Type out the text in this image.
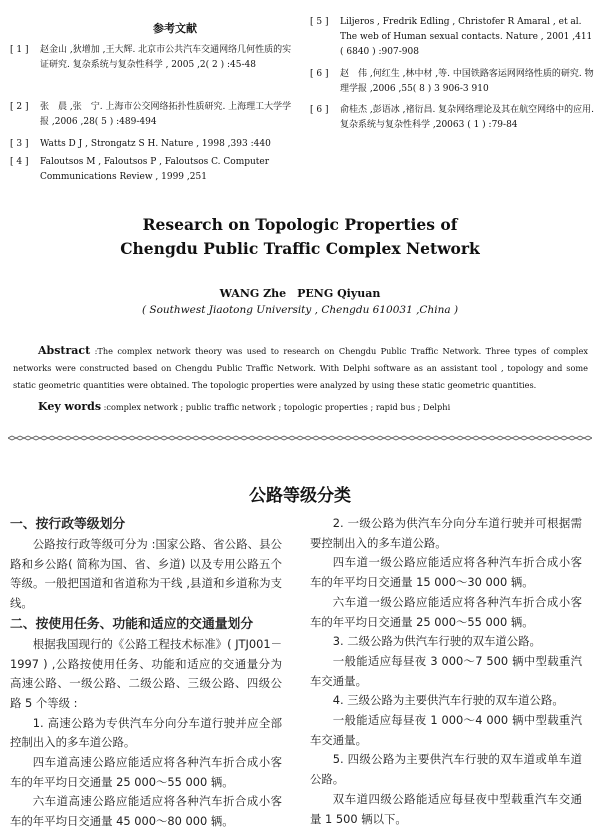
参考文献
[ 1 ] 赵金山 ,狄增加 ,王大辉. 北京市公共汽车交通网络几何性质的实证研究. 复杂系统与复杂性科学 , 2005 ,2( 2 ) :45-48
[ 2 ] 张　晨 ,张　宁. 上海市公交网络拓扑性质研究. 上海理工大学学报 ,2006 ,28( 5 ) :489-494
[ 3 ] Watts D J , Strongatz S H. Nature , 1998 ,393 :440
[ 4 ] Faloutsos M , Faloutsos P , Faloutsos C. Computer Communications Review , 1999 ,251
[ 5 ] Liljeros , Fredrik Edling , Christofer R Amaral , et al. The web of Human sexual contacts. Nature , 2001 ,411 ( 6840 ) :907-908
[ 6 ] 赵　伟 ,何红生 ,林中材 ,等. 中国铁路客运网网络性质的研究. 物理学报 ,2006 ,55( 8 ) 3 906-3 910
[ 6 ] 俞桂杰 ,彭语冰 ,褚衍昌. 复杂网络理论及其在航空网络中的应用. 复杂系统与复杂性科学 ,20063 ( 1 ) :79-84
Research on Topologic Properties of
Chengdu Public Traffic Complex Network
WANG Zhe　PENG Qiyuan
( Southwest Jiaotong University , Chengdu 610031 ,China )
Abstract :The complex network theory was used to research on Chengdu Public Traffic Network. Three types of complex networks were constructed based on Chengdu Public Traffic Network. With Delphi software as an assistant tool , topology and some static geometric quantities were obtained. The topologic properties were analyzed by using these static geometric quantities.
Key words :complex network ; public traffic network ; topologic properties ; rapid bus ; Delphi
公路等级分类
一、按行政等级划分

公路按行政等级可分为 :国家公路、省公路、县公路和乡公路( 简称为国、省、乡道) 以及专用公路五个等级。一般把国道和省道称为干线 ,县道和乡道称为支线。

二、按使用任务、功能和适应的交通量划分

根据我国现行的《公路工程技术标准》( JTJ001－1997 ) ,公路按使用任务、功能和适应的交通量分为高速公路、一级公路、二级公路、三级公路、四级公路 5 个等级 :

1. 高速公路为专供汽车分向分车道行驶并应全部控制出入的多车道公路。

四车道高速公路应能适应将各种汽车折合成小客车的年平均日交通量 25 000～55 000 辆。

六车道高速公路应能适应将各种汽车折合成小客车的年平均日交通量 45 000～80 000 辆。

2. 一级公路为供汽车分向分车道行驶并可根据需要控制出入的多车道公路。

四车道一级公路应能适应将各种汽车折合成小客车的年平均日交通量 15 000～30 000 辆。

六车道一级公路应能适应将各种汽车折合成小客车的年平均日交通量 25 000～55 000 辆。

3. 二级公路为供汽车行驶的双车道公路。

一般能适应每昼夜 3 000～7 500 辆中型载重汽车交通量。

4. 三级公路为主要供汽车行驶的双车道公路。

一般能适应每昼夜 1 000～4 000 辆中型载重汽车交通量。

5. 四级公路为主要供汽车行驶的双车道或单车道公路。

双车道四级公路能适应每昼夜中型载重汽车交通量 1 500 辆以下。
